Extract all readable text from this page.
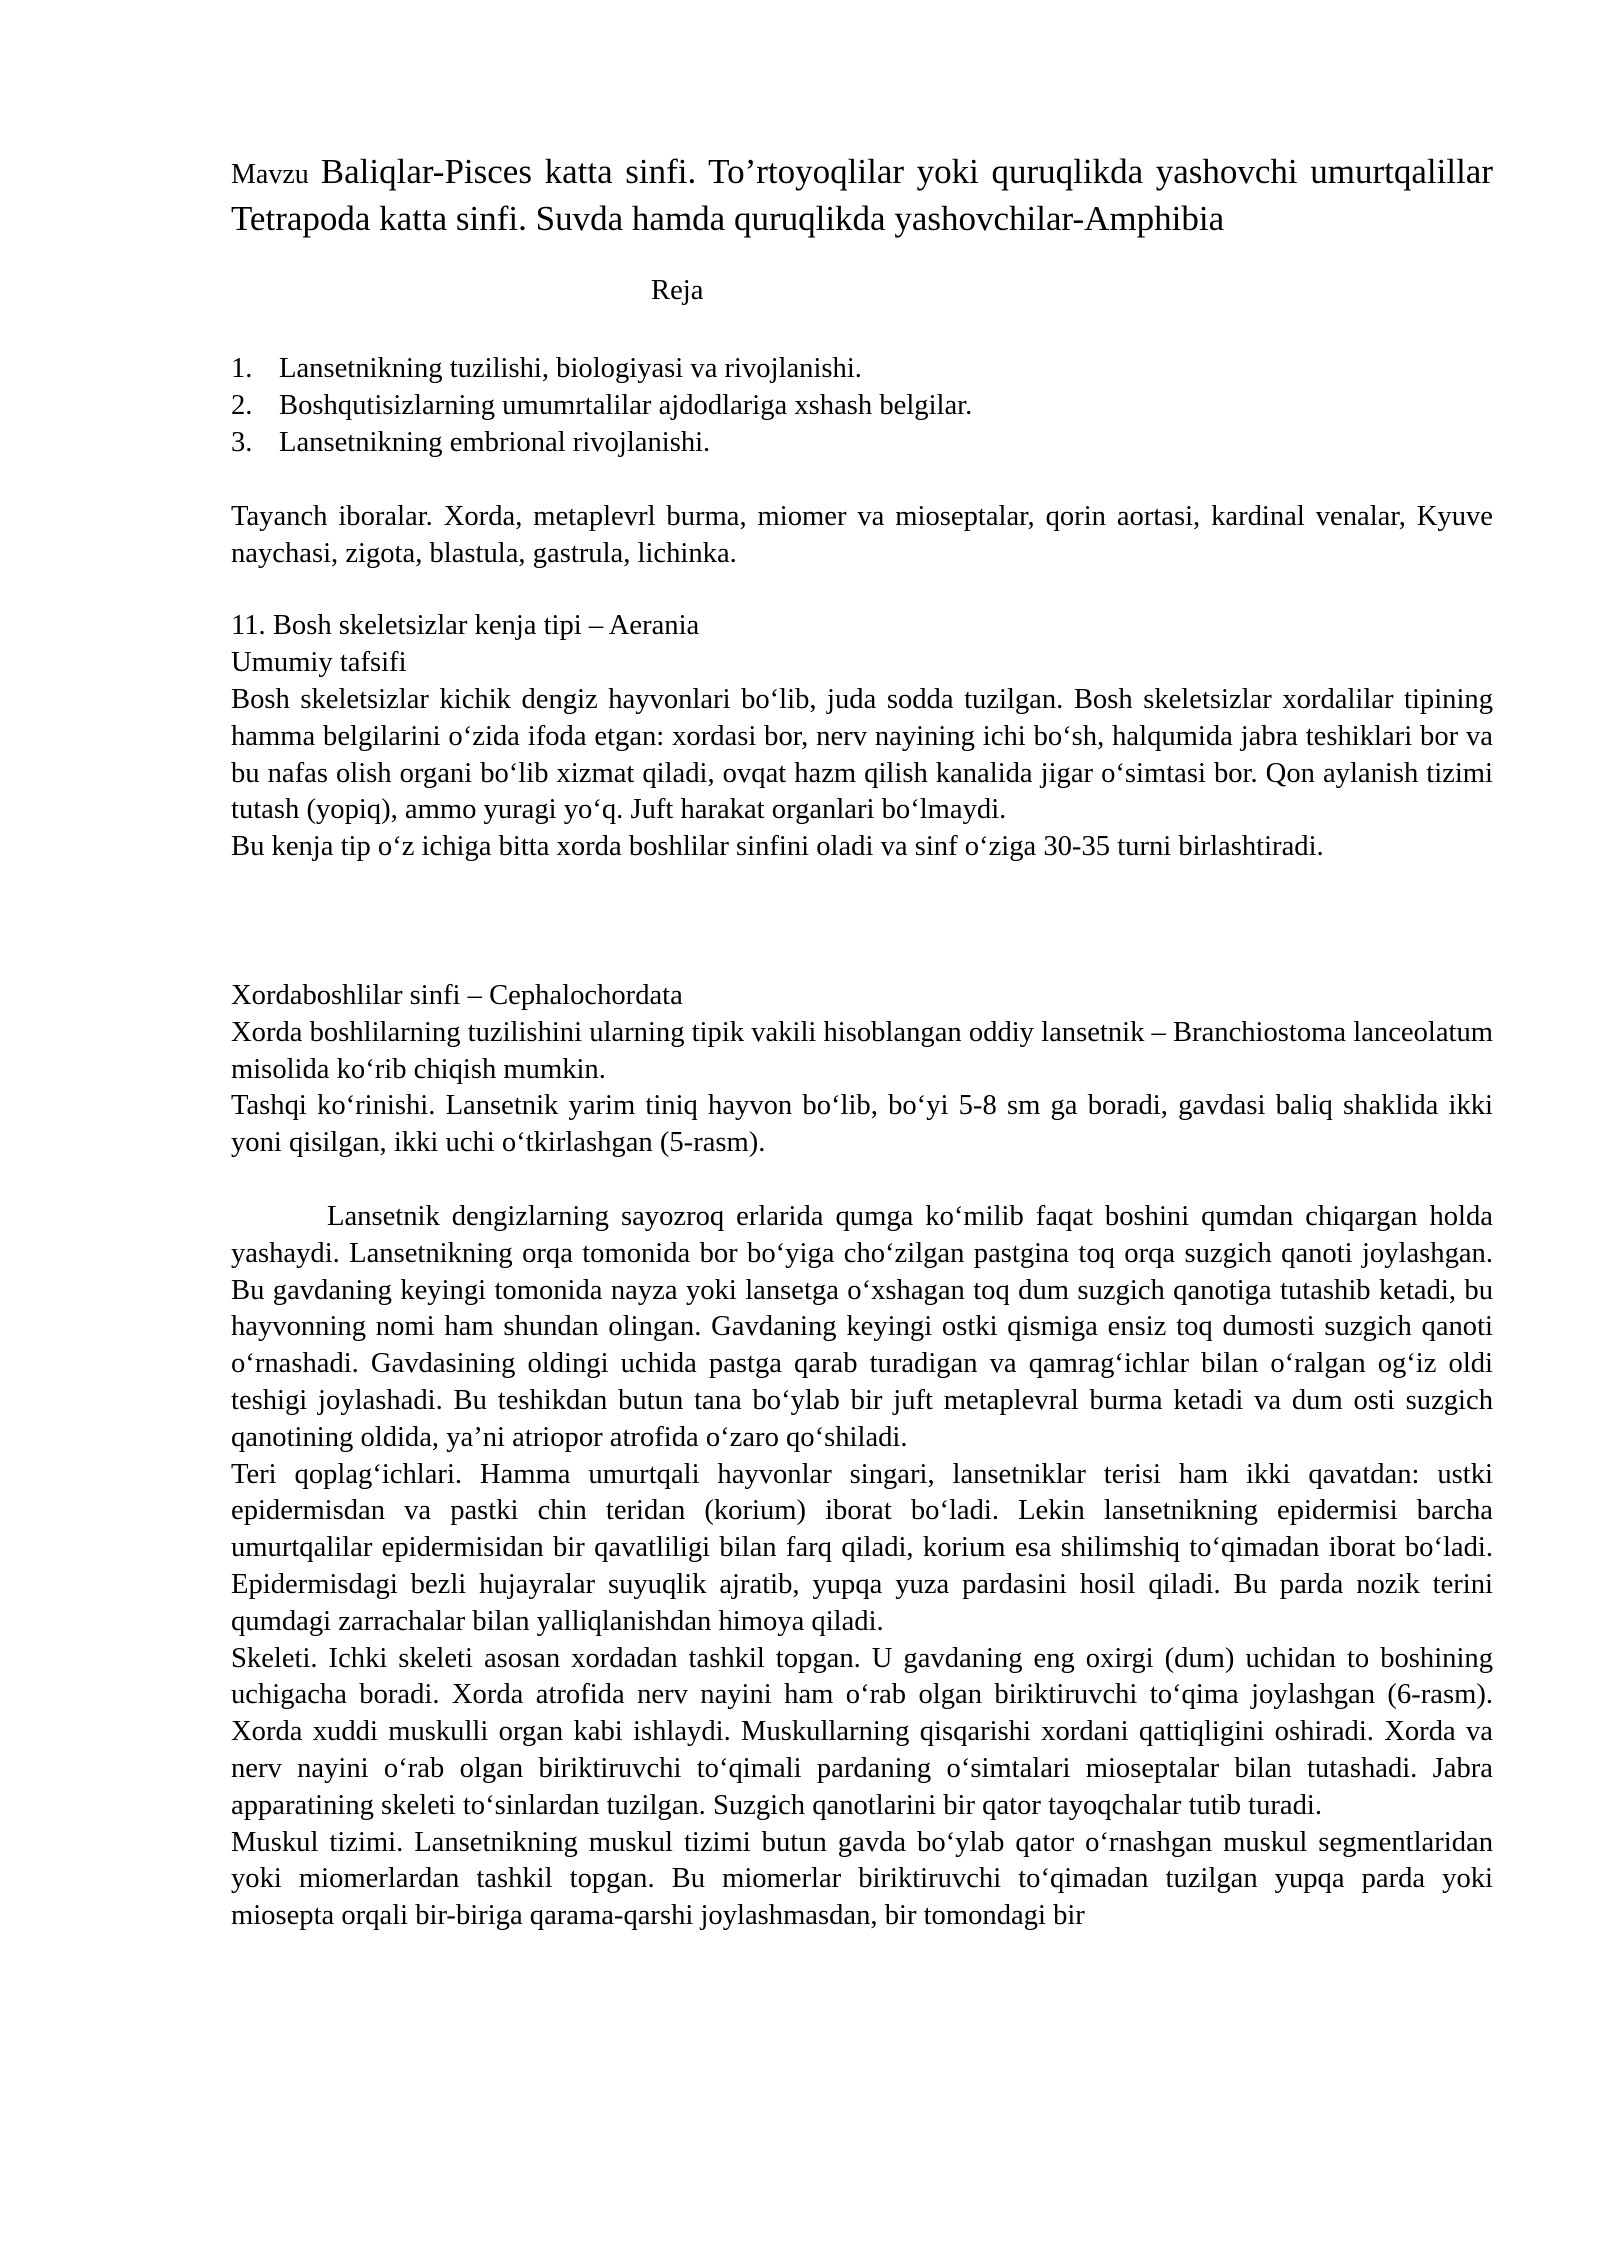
Mavzu Baliqlar-Pisces katta sinfi. To’rtoyoqlilar yoki quruqlikda yashovchi umurtqalillar Tetrapoda katta sinfi. Suvda hamda quruqlikda yashovchilar-Amphibia
Reja
1. Lansetnikning tuzilishi, biologiyasi va rivojlanishi.
2. Boshqutisizlarning umumrtalilar ajdodlariga xshash belgilar.
3. Lansetnikning embrional rivojlanishi.

Tayanch iboralar. Xorda, metaplevrl burma, miomer va mioseptalar, qorin aortasi, kardinal venalar, Kyuve naychasi, zigota, blastula, gastrula, lichinka.

11. Bosh skeletsizlar kenja tipi – Aerania

Umumiy tafsifi

Bosh skeletsizlar kichik dengiz hayvonlari bo‘lib, juda sodda tuzilgan. Bosh skeletsizlar xordalilar tipining hamma belgilarini o‘zida ifoda etgan: xordasi bor, nerv nayining ichi bo‘sh, halqumida jabra teshiklari bor va bu nafas olish organi bo‘lib xizmat qiladi, ovqat hazm qilish kanalida jigar o‘simtasi bor. Qon aylanish tizimi tutash (yopiq), ammo yuragi yo‘q. Juft harakat organlari bo‘lmaydi.

Bu kenja tip o‘z ichiga bitta xorda boshlilar sinfini oladi va sinf o‘ziga 30-35 turni birlashtiradi.

Xordaboshlilar sinfi – Cephalochordata

Xorda boshlilarning tuzilishini ularning tipik vakili hisoblangan oddiy lansetnik – Branchiostoma lanceolatum misolida ko‘rib chiqish mumkin.

Tashqi ko‘rinishi. Lansetnik yarim tiniq hayvon bo‘lib, bo‘yi 5-8 sm ga boradi, gavdasi baliq shaklida ikki yoni qisilgan, ikki uchi o‘tkirlashgan (5-rasm).

Lansetnik dengizlarning sayozroq erlarida qumga ko‘milib faqat boshini qumdan chiqargan holda yashaydi. Lansetnikning orqa tomonida bor bo‘yiga cho‘zilgan pastgina toq orqa suzgich qanoti joylashgan. Bu gavdaning keyingi tomonida nayza yoki lansetga o‘xshagan toq dum suzgich qanotiga tutashib ketadi, bu hayvonning nomi ham shundan olingan. Gavdaning keyingi ostki qismiga ensiz toq dumosti suzgich qanoti o‘rnashadi. Gavdasining oldingi uchida pastga qarab turadigan va qamrag‘ichlar bilan o‘ralgan og‘iz oldi teshigi joylashadi. Bu teshikdan butun tana bo‘ylab bir juft metaplevral burma ketadi va dum osti suzgich qanotining oldida, ya’ni atriopor atrofida o‘zaro qo‘shiladi.

Teri qoplag‘ichlari. Hamma umurtqali hayvonlar singari, lansetniklar terisi ham ikki qavatdan: ustki epidermisdan va pastki chin teridan (korium) iborat bo‘ladi. Lekin lansetnikning epidermisi barcha umurtqalilar epidermisidan bir qavatliligi bilan farq qiladi, korium esa shilimshiq to‘qimadan iborat bo‘ladi. Epidermisdagi bezli hujayralar suyuqlik ajratib, yupqa yuza pardasini hosil qiladi. Bu parda nozik terini qumdagi zarrachalar bilan yalliqlanishdan himoya qiladi.

Skeleti. Ichki skeleti asosan xordadan tashkil topgan. U gavdaning eng oxirgi (dum) uchidan to boshining uchigacha boradi. Xorda atrofida nerv nayini ham o‘rab olgan biriktiruvchi to‘qima joylashgan (6-rasm). Xorda xuddi muskulli organ kabi ishlaydi. Muskullarning qisqarishi xordani qattiqligini oshiradi. Xorda va nerv nayini o‘rab olgan biriktiruvchi to‘qimali pardaning o‘simtalari mioseptalar bilan tutashadi. Jabra apparatining skeleti to‘sinlardan tuzilgan. Suzgich qanotlarini bir qator tayoqchalar tutib turadi.

Muskul tizimi. Lansetnikning muskul tizimi butun gavda bo‘ylab qator o‘rnashgan muskul segmentlaridan yoki miomerlardan tashkil topgan. Bu miomerlar biriktiruvchi to‘qimadan tuzilgan yupqa parda yoki miosepta orqali bir-biriga qarama-qarshi joylashmasdan, bir tomondagi bir
